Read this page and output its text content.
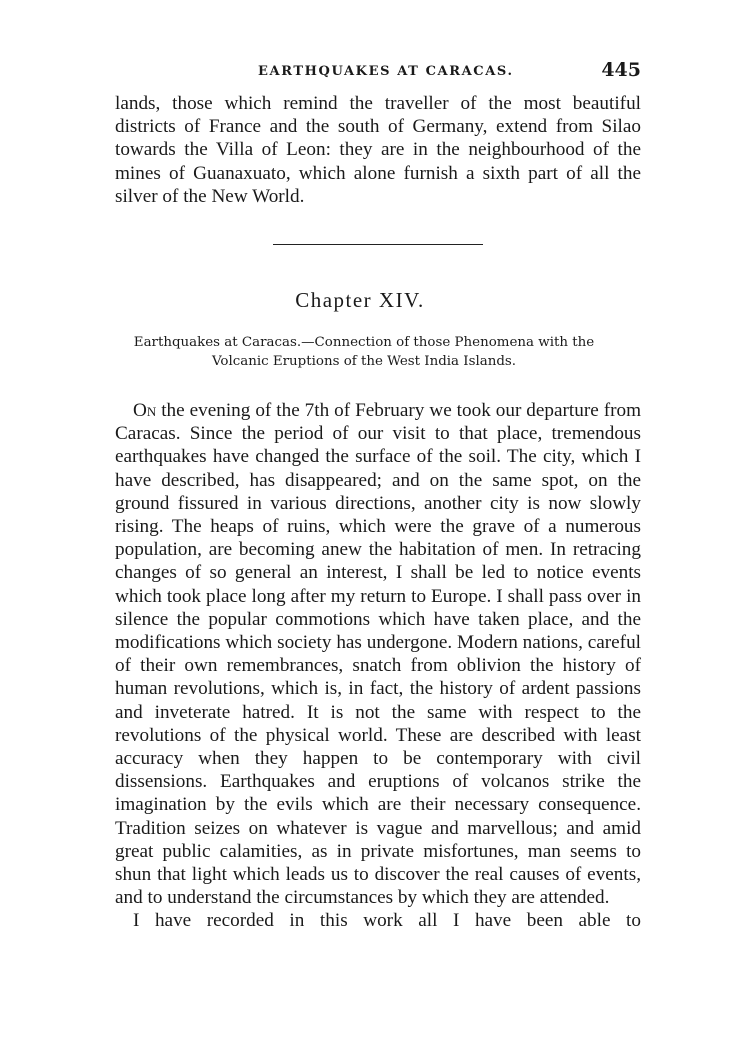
EARTHQUAKES AT CARACAS.	445

lands, those which remind the traveller of the most beautiful districts of France and the south of Germany, extend from Silao towards the Villa of Leon: they are in the neighbourhood of the mines of Guanaxuato, which alone furnish a sixth part of all the silver of the New World.

Chapter XIV.
Earthquakes at Caracas.—Connection of those Phenomena with the
Volcanic Eruptions of the West India Islands.

On the evening of the 7th of February we took our departure from Caracas. Since the period of our visit to that place, tremendous earthquakes have changed the surface of the soil. The city, which I have described, has disappeared; and on the same spot, on the ground fissured in various directions, another city is now slowly rising. The heaps of ruins, which were the grave of a numerous population, are becoming anew the habitation of men. In retracing changes of so general an interest, I shall be led to notice events which took place long after my return to Europe. I shall pass over in silence the popular commotions which have taken place, and the modifications which society has undergone. Modern nations, careful of their own remembrances, snatch from oblivion the history of human revolutions, which is, in fact, the history of ardent passions and inveterate hatred. It is not the same with respect to the revolutions of the physical world. These are described with least accuracy when they happen to be contemporary with civil dissensions. Earthquakes and eruptions of volcanos strike the imagination by the evils which are their necessary consequence. Tradition seizes on whatever is vague and marvellous; and amid great public calamities, as in private misfortunes, man seems to shun that light which leads us to discover the real causes of events, and to understand the circumstances by which they are attended.

I have recorded in this work all I have been able to
